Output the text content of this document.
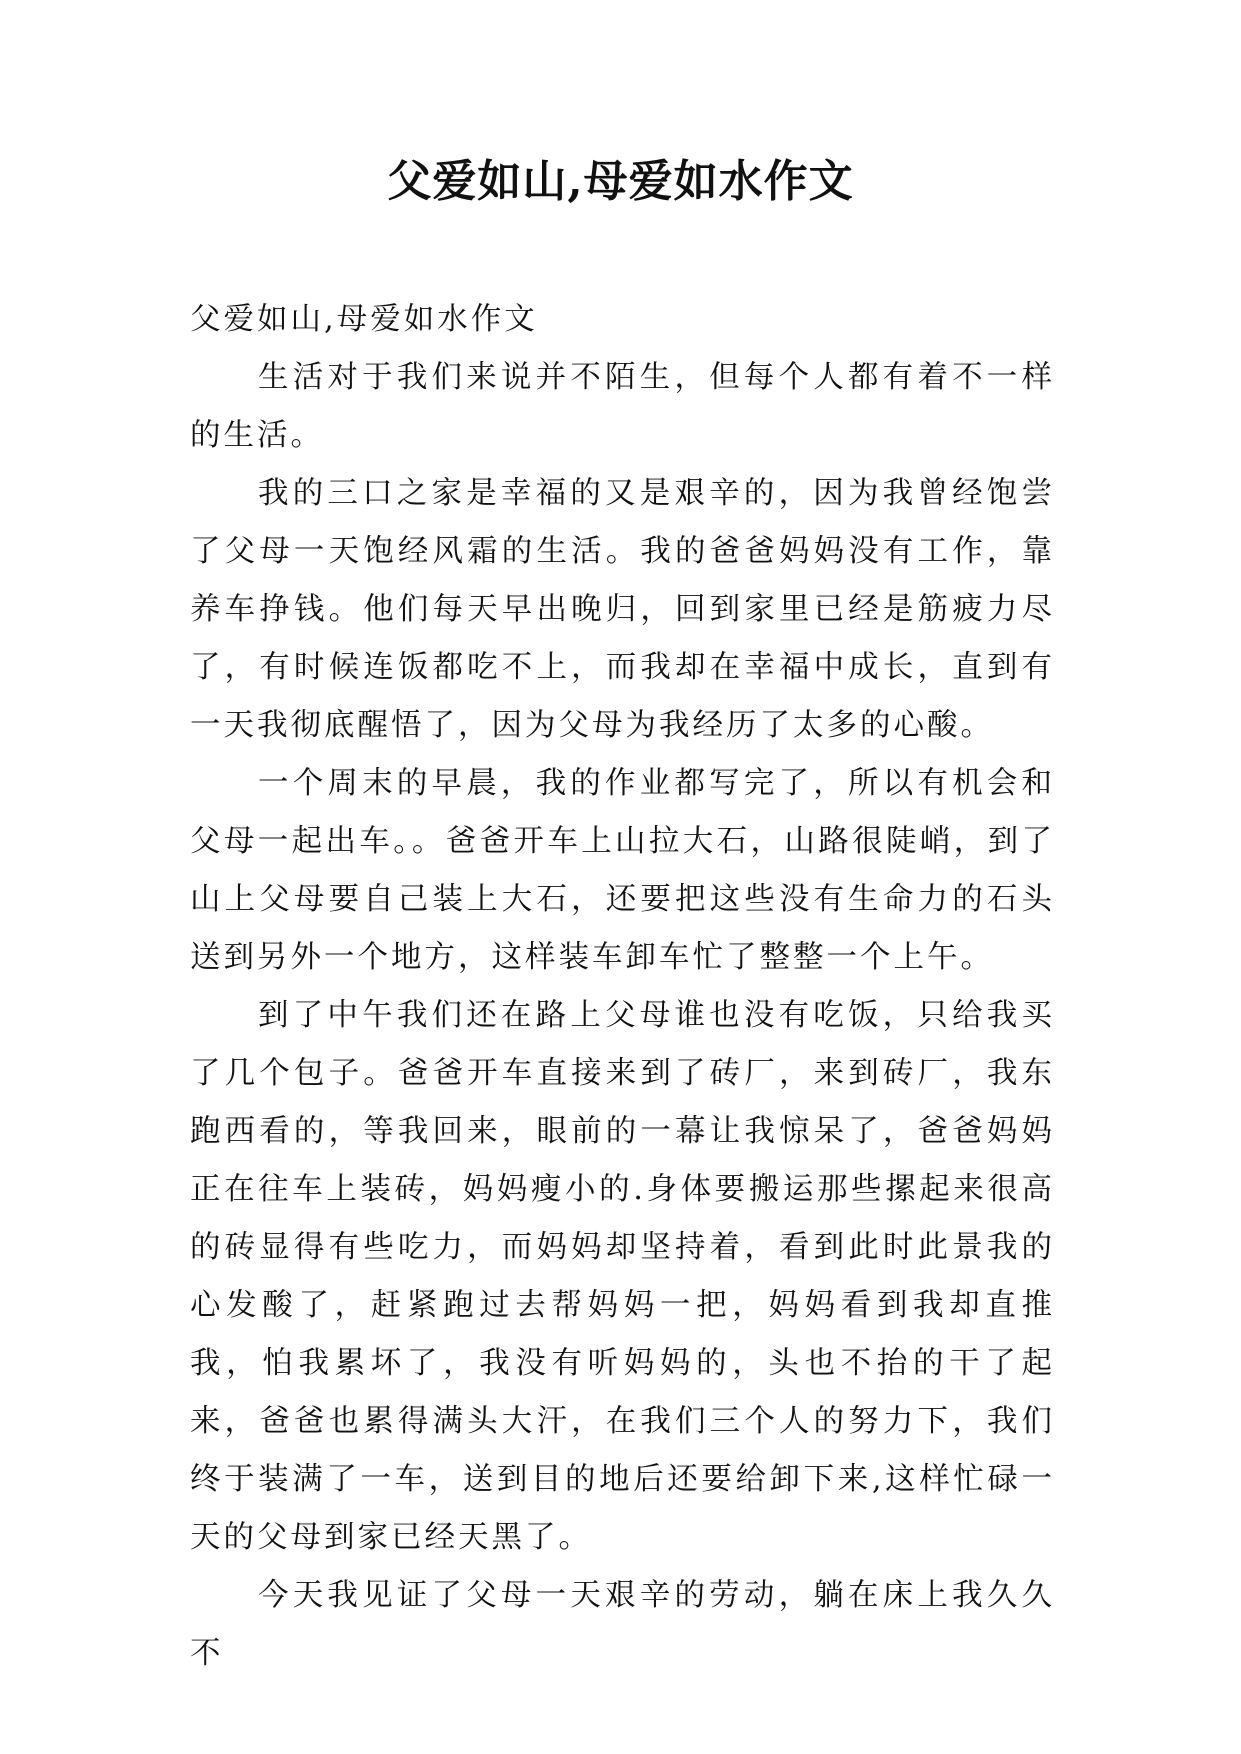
父爱如山,母爱如水作文

父爱如山,母爱如水作文

生活对于我们来说并不陌生，但每个人都有着不一样的生活。

我的三口之家是幸福的又是艰辛的，因为我曾经饱尝了父母一天饱经风霜的生活。我的爸爸妈妈没有工作，靠养车挣钱。他们每天早出晚归，回到家里已经是筋疲力尽了，有时候连饭都吃不上，而我却在幸福中成长，直到有一天我彻底醒悟了，因为父母为我经历了太多的心酸。

一个周末的早晨，我的作业都写完了，所以有机会和父母一起出车。。爸爸开车上山拉大石，山路很陡峭，到了山上父母要自己装上大石，还要把这些没有生命力的石头送到另外一个地方，这样装车卸车忙了整整一个上午。

到了中午我们还在路上父母谁也没有吃饭，只给我买了几个包子。爸爸开车直接来到了砖厂，来到砖厂，我东跑西看的，等我回来，眼前的一幕让我惊呆了，爸爸妈妈正在往车上装砖，妈妈瘦小的.身体要搬运那些摞起来很高的砖显得有些吃力，而妈妈却坚持着，看到此时此景我的心发酸了，赶紧跑过去帮妈妈一把，妈妈看到我却直推我，怕我累坏了，我没有听妈妈的，头也不抬的干了起来，爸爸也累得满头大汗，在我们三个人的努力下，我们终于装满了一车，送到目的地后还要给卸下来,这样忙碌一天的父母到家已经天黑了。

今天我见证了父母一天艰辛的劳动，躺在床上我久久不
